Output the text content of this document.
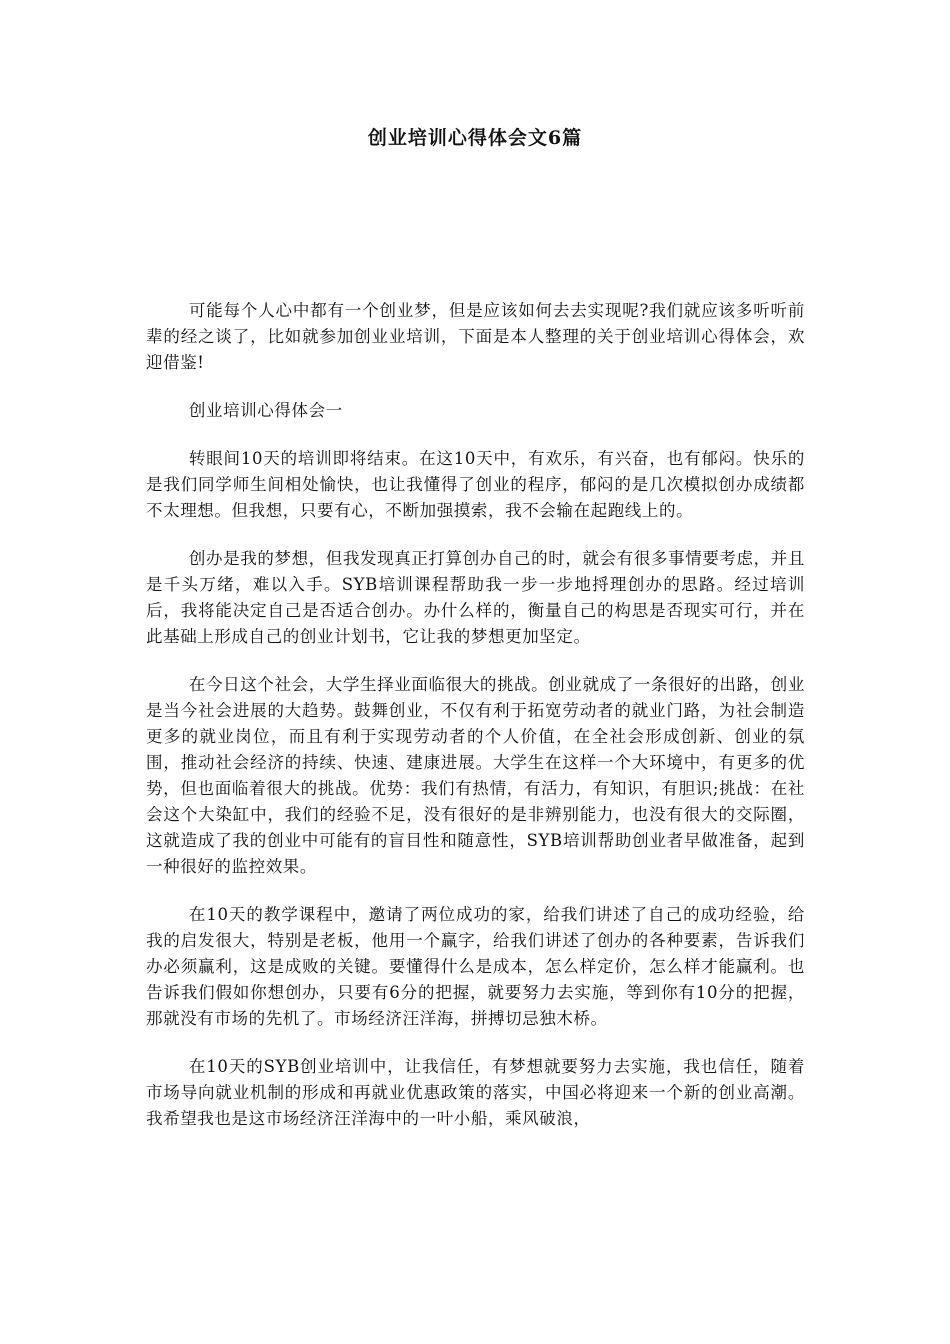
创业培训心得体会文6篇

可能每个人心中都有一个创业梦，但是应该如何去去实现呢?我们就应该多听听前辈的经之谈了，比如就参加创业业培训，下面是本人整理的关于创业培训心得体会，欢迎借鉴!

创业培训心得体会一

转眼间10天的培训即将结束。在这10天中，有欢乐，有兴奋，也有郁闷。快乐的是我们同学师生间相处愉快，也让我懂得了创业的程序，郁闷的是几次模拟创办成绩都不太理想。但我想，只要有心，不断加强摸索，我不会输在起跑线上的。

创办是我的梦想，但我发现真正打算创办自己的时，就会有很多事情要考虑，并且是千头万绪，难以入手。SYB培训课程帮助我一步一步地捋理创办的思路。经过培训后，我将能决定自己是否适合创办。办什么样的，衡量自己的构思是否现实可行，并在此基础上形成自己的创业计划书，它让我的梦想更加坚定。

在今日这个社会，大学生择业面临很大的挑战。创业就成了一条很好的出路，创业是当今社会进展的大趋势。鼓舞创业，不仅有利于拓宽劳动者的就业门路，为社会制造更多的就业岗位，而且有利于实现劳动者的个人价值，在全社会形成创新、创业的氛围，推动社会经济的持续、快速、建康进展。大学生在这样一个大环境中，有更多的优势，但也面临着很大的挑战。优势：我们有热情，有活力，有知识，有胆识;挑战：在社会这个大染缸中，我们的经验不足，没有很好的是非辨别能力，也没有很大的交际圈，这就造成了我的创业中可能有的盲目性和随意性，SYB培训帮助创业者早做准备，起到一种很好的监控效果。

在10天的教学课程中，邀请了两位成功的家，给我们讲述了自己的成功经验，给我的启发很大，特别是老板，他用一个赢字，给我们讲述了创办的各种要素，告诉我们办必须赢利，这是成败的关键。要懂得什么是成本，怎么样定价，怎么样才能赢利。也告诉我们假如你想创办，只要有6分的把握，就要努力去实施，等到你有10分的把握，那就没有市场的先机了。市场经济汪洋海，拼搏切忌独木桥。

在10天的SYB创业培训中，让我信任，有梦想就要努力去实施，我也信任，随着市场导向就业机制的形成和再就业优惠政策的落实，中国必将迎来一个新的创业高潮。我希望我也是这市场经济汪洋海中的一叶小船，乘风破浪，
